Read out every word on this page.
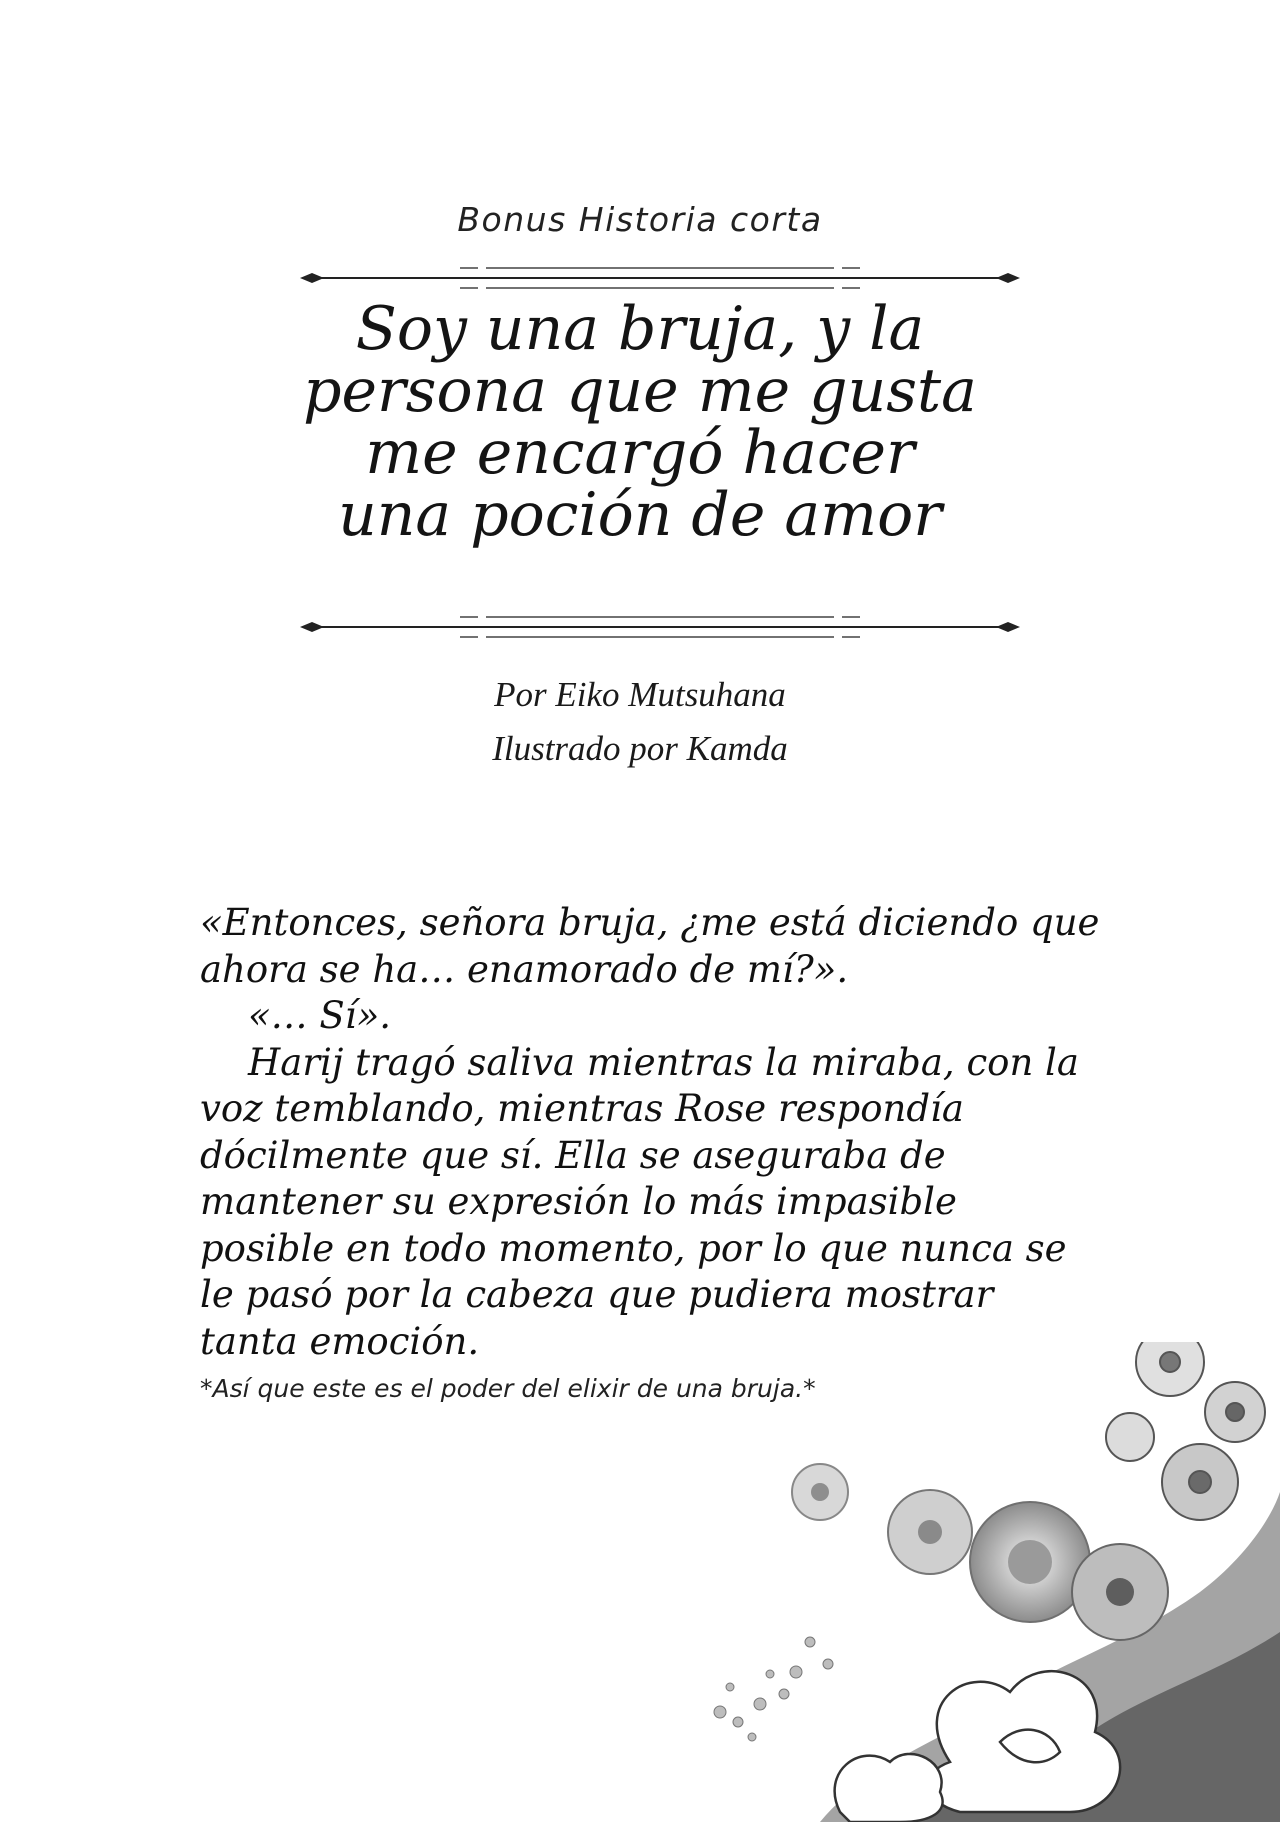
Bonus Historia corta
Soy una bruja, y la
persona que me gusta
me encargó hacer
una poción de amor
Por Eiko Mutsuhana
Ilustrado por Kamda
«Entonces, señora bruja, ¿me está diciendo que
ahora se ha… enamorado de mí?».
«… Sí».
Harij tragó saliva mientras la miraba, con la
voz temblando, mientras Rose respondía
dócilmente que sí. Ella se aseguraba de
mantener su expresión lo más impasible
posible en todo momento, por lo que nunca se
le pasó por la cabeza que pudiera mostrar
tanta emoción.
*Así que este es el poder del elixir de una bruja.*
